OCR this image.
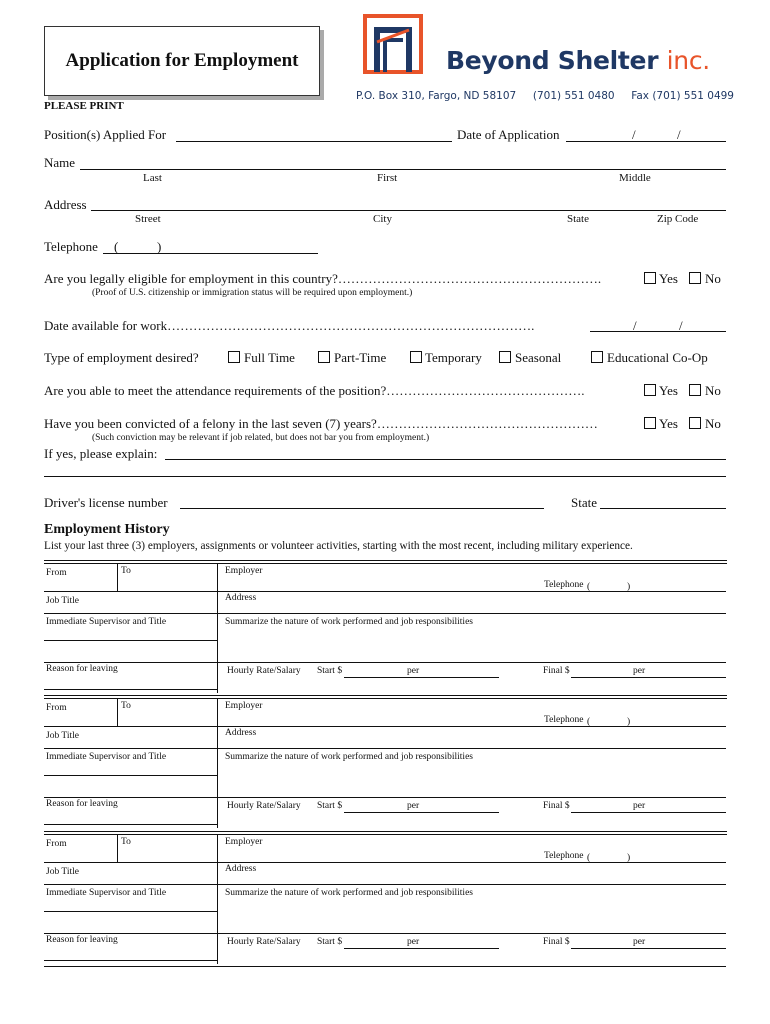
Application for Employment	Beyond Shelter inc.
P.O. Box 310, Fargo, ND 58107     (701) 551 0480     Fax (701) 551 0499
PLEASE PRINT
Position(s) Applied For	Date of Application	/	/
Name
Last	First	Middle
Address
Street	City	State	Zip Code
Telephone (	)
Are you legally eligible for employment in this country?…………………………………………………….	Yes No
(Proof of U.S. citizenship or immigration status will be required upon employment.)
Date available for work………………………………………………………………………….	/	/
Type of employment desired?	Full Time	Part-Time	Temporary	Seasonal	Educational Co-Op
Are you able to meet the attendance requirements of the position?……………………………………….	Yes No
Have you been convicted of a felony in the last seven (7) years?……………………………………………	Yes No
(Such conviction may be relevant if job related, but does not bar you from employment.)
If yes, please explain:
Driver's license number	State
Employment History
List your last three (3) employers, assignments or volunteer activities, starting with the most recent, including military experience.
From	To	Employer
Telephone (	)
Job Title	Address
Immediate Supervisor and Title	Summarize the nature of work performed and job responsibilities
Reason for leaving	Hourly Rate/Salary Start $	per	Final $	per
From	To	Employer
Telephone (	)
Job Title	Address
Immediate Supervisor and Title	Summarize the nature of work performed and job responsibilities
Reason for leaving	Hourly Rate/Salary Start $	per	Final $	per
From	To	Employer
Telephone (	)
Job Title	Address
Immediate Supervisor and Title	Summarize the nature of work performed and job responsibilities
Reason for leaving	Hourly Rate/Salary Start $	per	Final $	per
